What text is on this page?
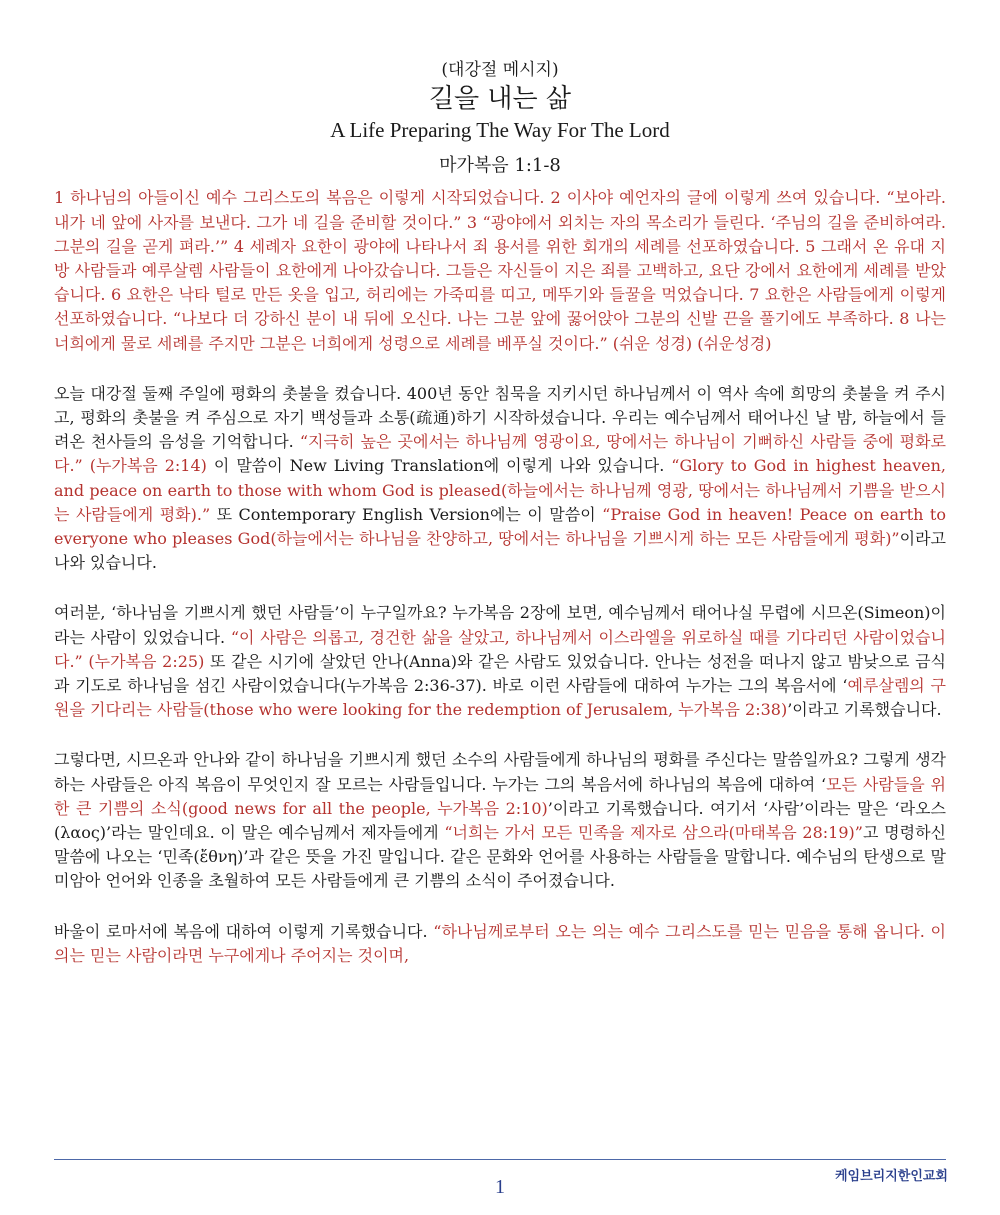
(대강절 메시지)
길을 내는 삶
A Life Preparing The Way For The Lord
마가복음 1:1-8

1 하나님의 아들이신 예수 그리스도의 복음은 이렇게 시작되었습니다. 2 이사야 예언자의 글에 이렇게 쓰여 있습니다. “보아라. 내가 네 앞에 사자를 보낸다. 그가 네 길을 준비할 것이다.” 3 “광야에서 외치는 자의 목소리가 들린다. ‘주님의 길을 준비하여라. 그분의 길을 곧게 펴라.’” 4 세례자 요한이 광야에 나타나서 죄 용서를 위한 회개의 세례를 선포하였습니다. 5 그래서 온 유대 지방 사람들과 예루살렘 사람들이 요한에게 나아갔습니다. 그들은 자신들이 지은 죄를 고백하고, 요단 강에서 요한에게 세례를 받았습니다. 6 요한은 낙타 털로 만든 옷을 입고, 허리에는 가죽띠를 띠고, 메뚜기와 들꿀을 먹었습니다. 7 요한은 사람들에게 이렇게 선포하였습니다. “나보다 더 강하신 분이 내 뒤에 오신다. 나는 그분 앞에 꿇어앉아 그분의 신발 끈을 풀기에도 부족하다. 8 나는 너희에게 물로 세례를 주지만 그분은 너희에게 성령으로 세례를 베푸실 것이다.” (쉬운 성경) (쉬운성경)

오늘 대강절 둘째 주일에 평화의 촛불을 켰습니다. 400년 동안 침묵을 지키시던 하나님께서 이 역사 속에 희망의 촛불을 켜 주시고, 평화의 촛불을 켜 주심으로 자기 백성들과 소통(疏通)하기 시작하셨습니다. 우리는 예수님께서 태어나신 날 밤, 하늘에서 들려온 천사들의 음성을 기억합니다. “지극히 높은 곳에서는 하나님께 영광이요, 땅에서는 하나님이 기뻐하신 사람들 중에 평화로다.” (누가복음 2:14) 이 말씀이 New Living Translation에 이렇게 나와 있습니다. “Glory to God in highest heaven, and peace on earth to those with whom God is pleased(하늘에서는 하나님께 영광, 땅에서는 하나님께서 기쁨을 받으시는 사람들에게 평화).” 또 Contemporary English Version에는 이 말씀이 “Praise God in heaven! Peace on earth to everyone who pleases God(하늘에서는 하나님을 찬양하고, 땅에서는 하나님을 기쁘시게 하는 모든 사람들에게 평화)”이라고 나와 있습니다.

여러분, ‘하나님을 기쁘시게 했던 사람들’이 누구일까요? 누가복음 2장에 보면, 예수님께서 태어나실 무렵에 시므온(Simeon)이라는 사람이 있었습니다. “이 사람은 의롭고, 경건한 삶을 살았고, 하나님께서 이스라엘을 위로하실 때를 기다리던 사람이었습니다.” (누가복음 2:25) 또 같은 시기에 살았던 안나(Anna)와 같은 사람도 있었습니다. 안나는 성전을 떠나지 않고 밤낮으로 금식과 기도로 하나님을 섬긴 사람이었습니다(누가복음 2:36-37). 바로 이런 사람들에 대하여 누가는 그의 복음서에 ‘예루살렘의 구원을 기다리는 사람들(those who were looking for the redemption of Jerusalem, 누가복음 2:38)’이라고 기록했습니다.

그렇다면, 시므온과 안나와 같이 하나님을 기쁘시게 했던 소수의 사람들에게 하나님의 평화를 주신다는 말씀일까요? 그렇게 생각하는 사람들은 아직 복음이 무엇인지 잘 모르는 사람들입니다. 누가는 그의 복음서에 하나님의 복음에 대하여 ‘모든 사람들을 위한 큰 기쁨의 소식(good news for all the people, 누가복음 2:10)’이라고 기록했습니다. 여기서 ‘사람’이라는 말은 ‘라오스(λαος)’라는 말인데요. 이 말은 예수님께서 제자들에게 “너희는 가서 모든 민족을 제자로 삼으라(마태복음 28:19)”고 명령하신 말씀에 나오는 ‘민족(ἔθνη)’과 같은 뜻을 가진 말입니다. 같은 문화와 언어를 사용하는 사람들을 말합니다. 예수님의 탄생으로 말미암아 언어와 인종을 초월하여 모든 사람들에게 큰 기쁨의 소식이 주어졌습니다.

바울이 로마서에 복음에 대하여 이렇게 기록했습니다. “하나님께로부터 오는 의는 예수 그리스도를 믿는 믿음을 통해 옵니다. 이 의는 믿는 사람이라면 누구에게나 주어지는 것이며,

케임브리지한인교회
1
